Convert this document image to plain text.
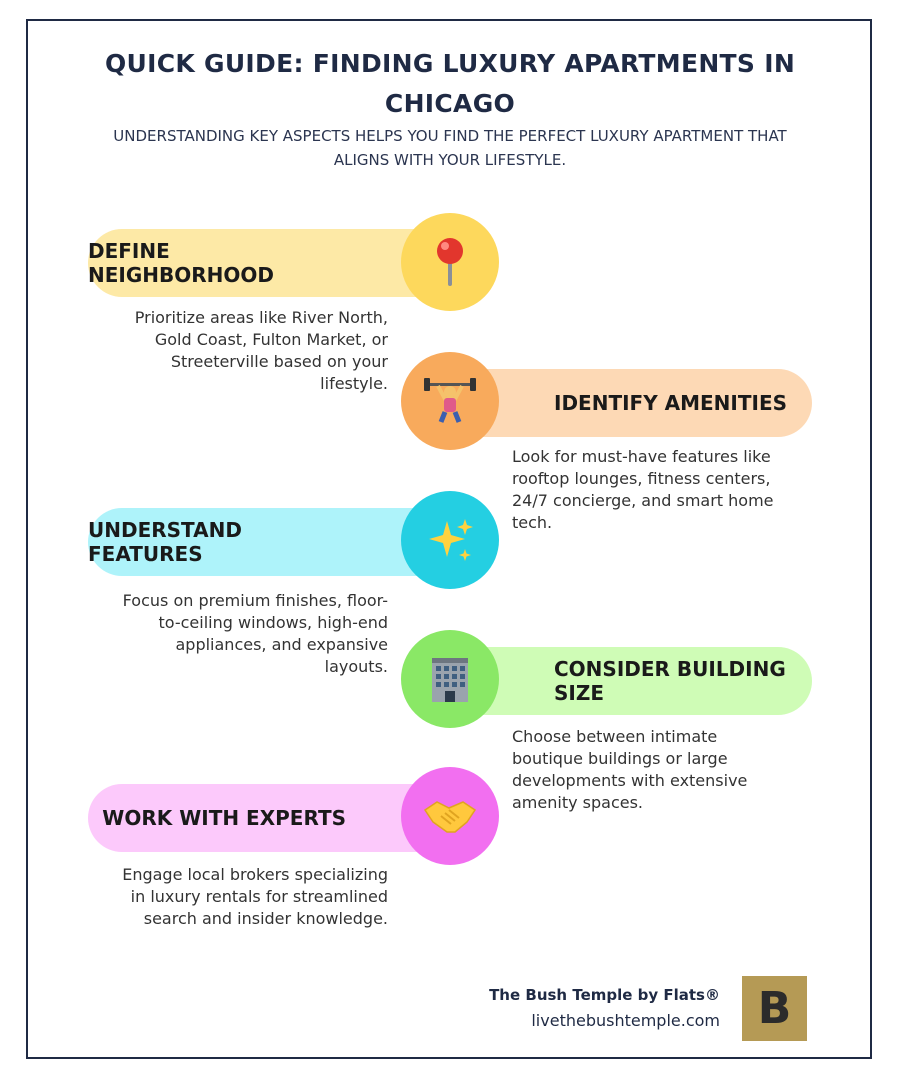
QUICK GUIDE: FINDING LUXURY APARTMENTS IN CHICAGO

UNDERSTANDING KEY ASPECTS HELPS YOU FIND THE PERFECT LUXURY APARTMENT THAT ALIGNS WITH YOUR LIFESTYLE.

DEFINE NEIGHBORHOOD
Prioritize areas like River North, Gold Coast, Fulton Market, or Streeterville based on your lifestyle.
IDENTIFY AMENITIES
Look for must-have features like rooftop lounges, fitness centers, 24/7 concierge, and smart home tech.
UNDERSTAND FEATURES
Focus on premium finishes, floor-to-ceiling windows, high-end appliances, and expansive layouts.	CONSIDER BUILDING SIZE
Choose between intimate boutique buildings or large developments with extensive amenity spaces.
WORK WITH EXPERTS
Engage local brokers specializing in luxury rentals for streamlined search and insider knowledge.
The Bush Temple by Flats®
livethebushtemple.com B
